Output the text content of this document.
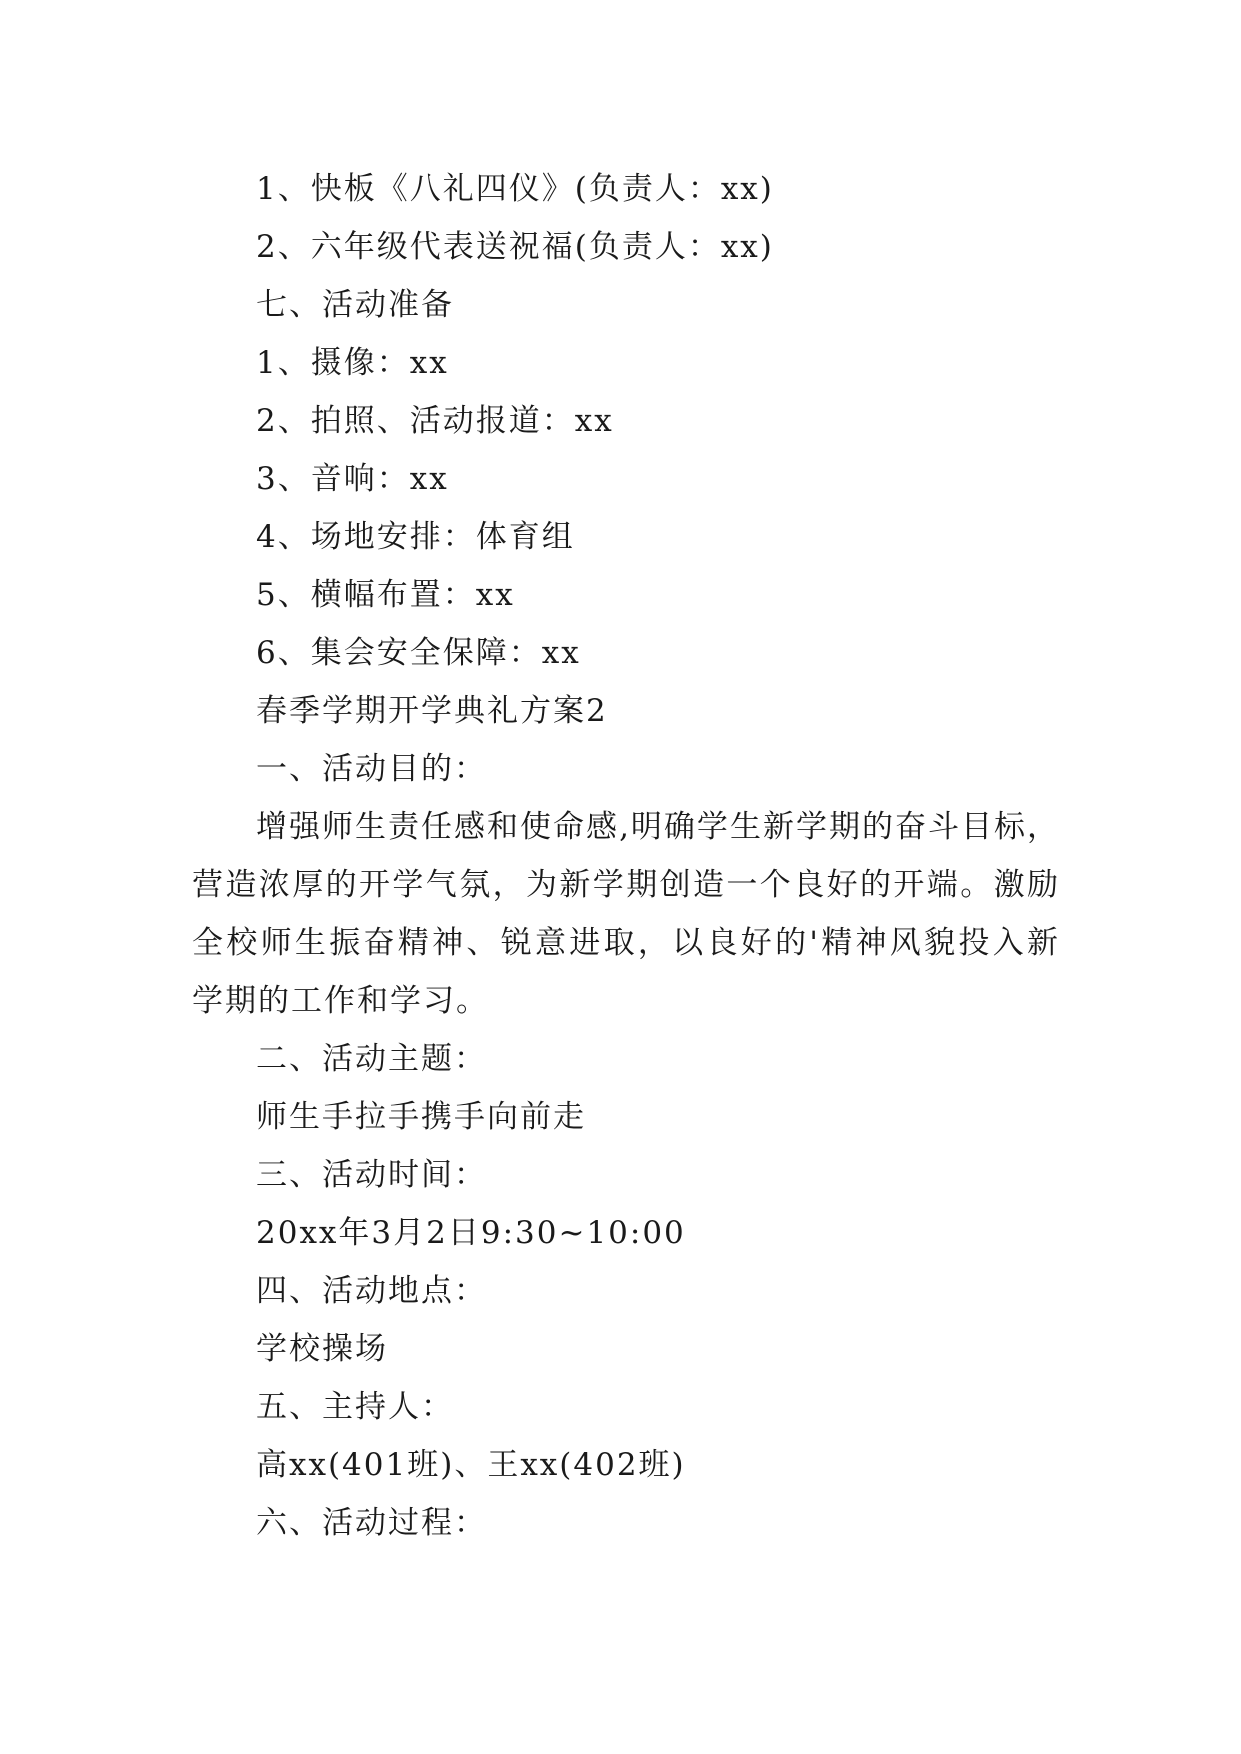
1、快板《八礼四仪》(负责人：xx)
2、六年级代表送祝福(负责人：xx)
七、活动准备
1、摄像：xx
2、拍照、活动报道：xx
3、音响：xx
4、场地安排：体育组
5、横幅布置：xx
6、集会安全保障：xx
春季学期开学典礼方案2
一、活动目的：

增强师生责任感和使命感,明确学生新学期的奋斗目标，营造浓厚的开学气氛，为新学期创造一个良好的开端。激励全校师生振奋精神、锐意进取，以良好的'精神风貌投入新学期的工作和学习。

二、活动主题：
师生手拉手携手向前走
三、活动时间：
20xx年3月2日9:30~10:00
四、活动地点：
学校操场
五、主持人：
高xx(401班)、王xx(402班)
六、活动过程：
